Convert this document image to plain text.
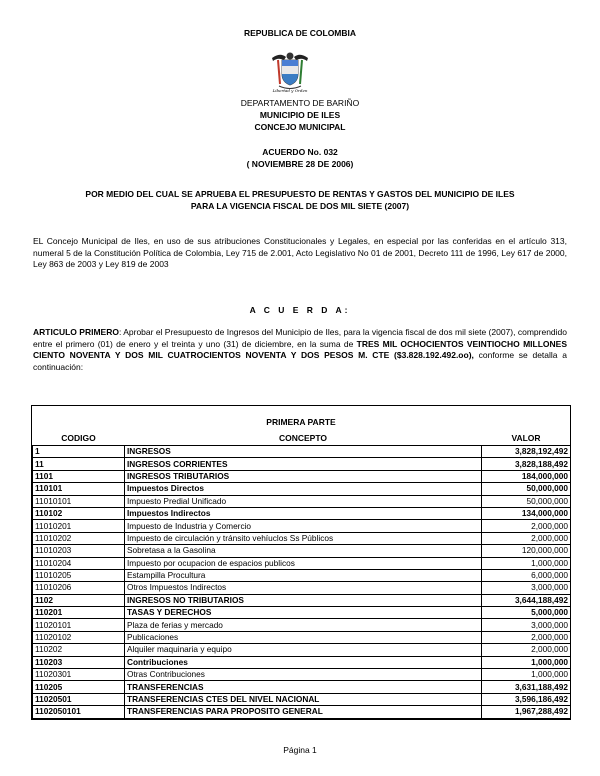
REPUBLICA DE COLOMBIA
Libertad y Orden
DEPARTAMENTO DE BARIÑO
MUNICIPIO DE ILES
CONCEJO MUNICIPAL
ACUERDO No. 032
( NOVIEMBRE 28 DE 2006)
POR MEDIO DEL CUAL SE APRUEBA EL PRESUPUESTO DE RENTAS Y GASTOS DEL MUNICIPIO DE ILES
PARA LA VIGENCIA FISCAL DE DOS MIL SIETE (2007)
EL Concejo Municipal de Iles, en uso de sus atribuciones Constitucionales y Legales, en especial por las conferidas en el artículo 313, numeral 5 de la Constitución Política de Colombia, Ley 715 de 2.001, Acto Legislativo No 01 de 2001, Decreto 111 de 1996, Ley 617 de 2000, Ley 863 de 2003 y Ley 819 de 2003
A C U E R D A:
ARTICULO PRIMERO: Aprobar el Presupuesto de Ingresos del Municipio de Iles, para la vigencia fiscal de dos mil siete (2007), comprendido entre el primero (01) de enero y el treinta y uno (31) de diciembre, en la suma de TRES MIL OCHOCIENTOS VEINTIOCHO MILLONES CIENTO NOVENTA Y DOS MIL CUATROCIENTOS NOVENTA Y DOS PESOS M. CTE ($3.828.192.492.oo), conforme se detalla a continuación:
PRIMERA PARTE
CODIGO	CONCEPTO	VALOR
1	INGRESOS	3,828,192,492
11	INGRESOS CORRIENTES	3,828,188,492
1101	INGRESOS TRIBUTARIOS	184,000,000
110101	Impuestos Directos	50,000,000
11010101	Impuesto Predial Unificado	50,000,000
110102	Impuestos Indirectos	134,000,000
11010201	Impuesto de Industria y Comercio	2,000,000
11010202	Impuesto de circulación y tránsito vehíuclos Ss Públicos	2,000,000
11010203	Sobretasa a la Gasolina	120,000,000
11010204	Impuesto por ocupacion de espacios publicos	1,000,000
11010205	Estampilla Procultura	6,000,000
11010206	Otros Impuestos Indirectos	3,000,000
1102	INGRESOS NO TRIBUTARIOS	3,644,188,492
110201	TASAS Y DERECHOS	5,000,000
11020101	Plaza de ferias y mercado	3,000,000
11020102	Publicaciones	2,000,000
110202	Alquiler maquinaria y equipo	2,000,000
110203	Contribuciones	1,000,000
11020301	Otras Contribuciones	1,000,000
110205	TRANSFERENCIAS	3,631,188,492
11020501	TRANSFERENCIAS CTES DEL NIVEL NACIONAL	3,596,186,492
1102050101	TRANSFERENCIAS PARA PROPOSITO GENERAL	1,967,288,492
Página 1
